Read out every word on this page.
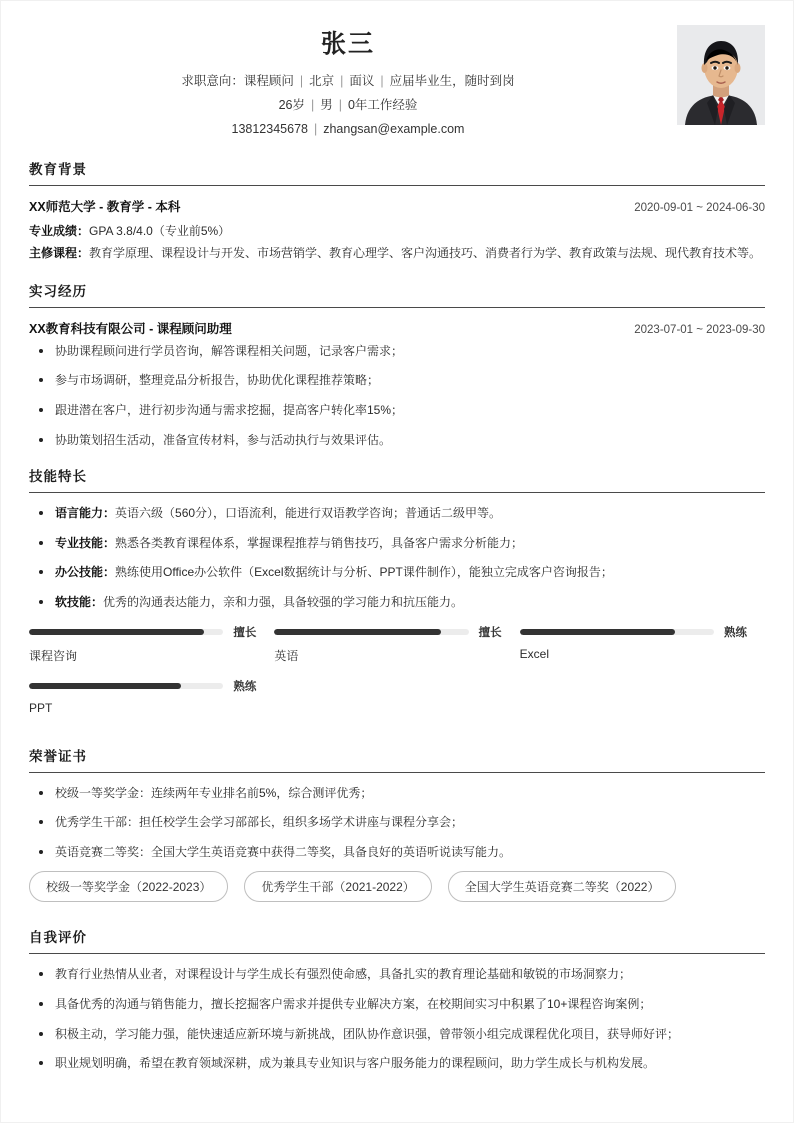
张三
求职意向：课程顾问 | 北京 | 面议 | 应届毕业生，随时到岗
26岁 | 男 | 0年工作经验
13812345678 | zhangsan@example.com
教育背景
XX师范大学 - 教育学 - 本科	2020-09-01 ~ 2024-06-30
专业成绩：GPA 3.8/4.0（专业前5%）
主修课程：教育学原理、课程设计与开发、市场营销学、教育心理学、客户沟通技巧、消费者行为学、教育政策与法规、现代教育技术等。
实习经历
XX教育科技有限公司 - 课程顾问助理	2023-07-01 ~ 2023-09-30
协助课程顾问进行学员咨询，解答课程相关问题，记录客户需求；
参与市场调研，整理竞品分析报告，协助优化课程推荐策略；
跟进潜在客户，进行初步沟通与需求挖掘，提高客户转化率15%；
协助策划招生活动，准备宣传材料，参与活动执行与效果评估。
技能特长
语言能力：英语六级（560分），口语流利，能进行双语教学咨询；普通话二级甲等。
专业技能：熟悉各类教育课程体系，掌握课程推荐与销售技巧，具备客户需求分析能力；
办公技能：熟练使用Office办公软件（Excel数据统计与分析、PPT课件制作），能独立完成客户咨询报告；
软技能：优秀的沟通表达能力，亲和力强，具备较强的学习能力和抗压能力。
擅长
课程咨询
擅长
英语
熟练
Excel
熟练
PPT
荣誉证书
校级一等奖学金：连续两年专业排名前5%，综合测评优秀；
优秀学生干部：担任校学生会学习部部长，组织多场学术讲座与课程分享会；
英语竞赛二等奖：全国大学生英语竞赛中获得二等奖，具备良好的英语听说读写能力。
校级一等奖学金（2022-2023）	优秀学生干部（2021-2022）	全国大学生英语竞赛二等奖（2022）
自我评价
教育行业热情从业者，对课程设计与学生成长有强烈使命感，具备扎实的教育理论基础和敏锐的市场洞察力；
具备优秀的沟通与销售能力，擅长挖掘客户需求并提供专业解决方案，在校期间实习中积累了10+课程咨询案例；
积极主动，学习能力强，能快速适应新环境与新挑战，团队协作意识强，曾带领小组完成课程优化项目，获导师好评；
职业规划明确，希望在教育领域深耕，成为兼具专业知识与客户服务能力的课程顾问，助力学生成长与机构发展。
